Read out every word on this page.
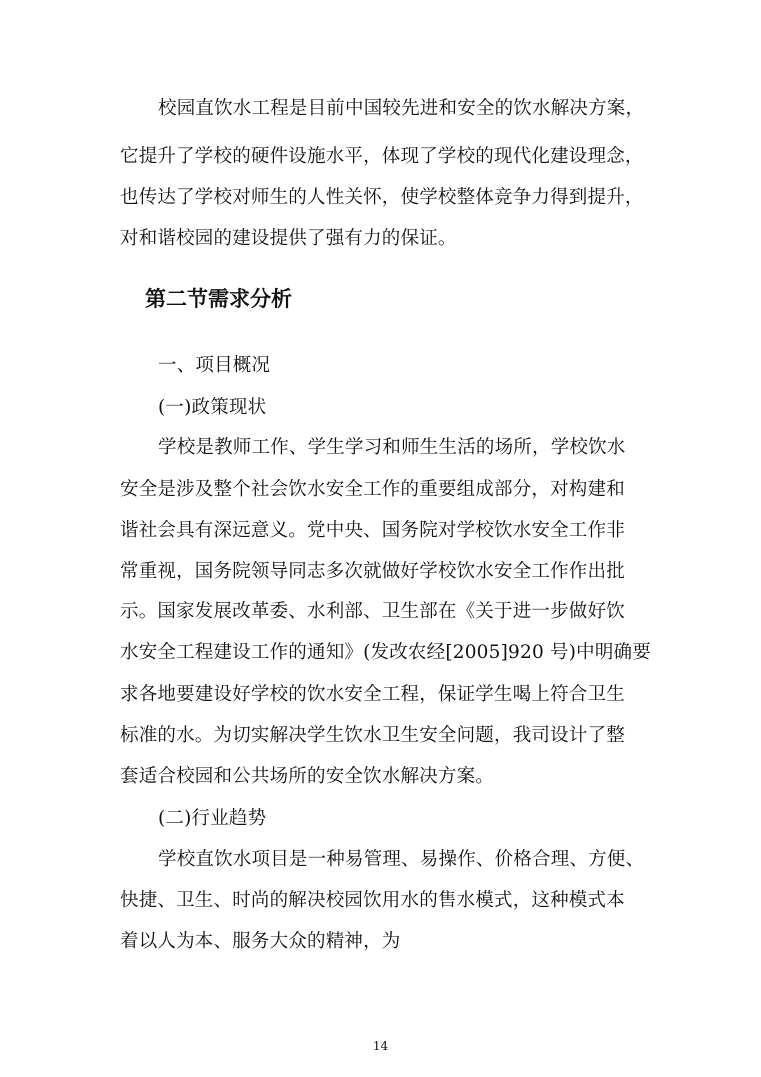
校园直饮水工程是目前中国较先进和安全的饮水解决方案，
它提升了学校的硬件设施水平，体现了学校的现代化建设理念，
也传达了学校对师生的人性关怀，使学校整体竞争力得到提升，
对和谐校园的建设提供了强有力的保证。
第二节需求分析
一、项目概况
(一)政策现状
学校是教师工作、学生学习和师生生活的场所，学校饮水
安全是涉及整个社会饮水安全工作的重要组成部分，对构建和
谐社会具有深远意义。党中央、国务院对学校饮水安全工作非
常重视，国务院领导同志多次就做好学校饮水安全工作作出批
示。国家发展改革委、水利部、卫生部在《关于进一步做好饮
水安全工程建设工作的通知》(发改农经[2005]920 号)中明确要
求各地要建设好学校的饮水安全工程，保证学生喝上符合卫生
标准的水。为切实解决学生饮水卫生安全问题，我司设计了整
套适合校园和公共场所的安全饮水解决方案。
(二)行业趋势
学校直饮水项目是一种易管理、易操作、价格合理、方便、
快捷、卫生、时尚的解决校园饮用水的售水模式，这种模式本
着以人为本、服务大众的精神，为
14
